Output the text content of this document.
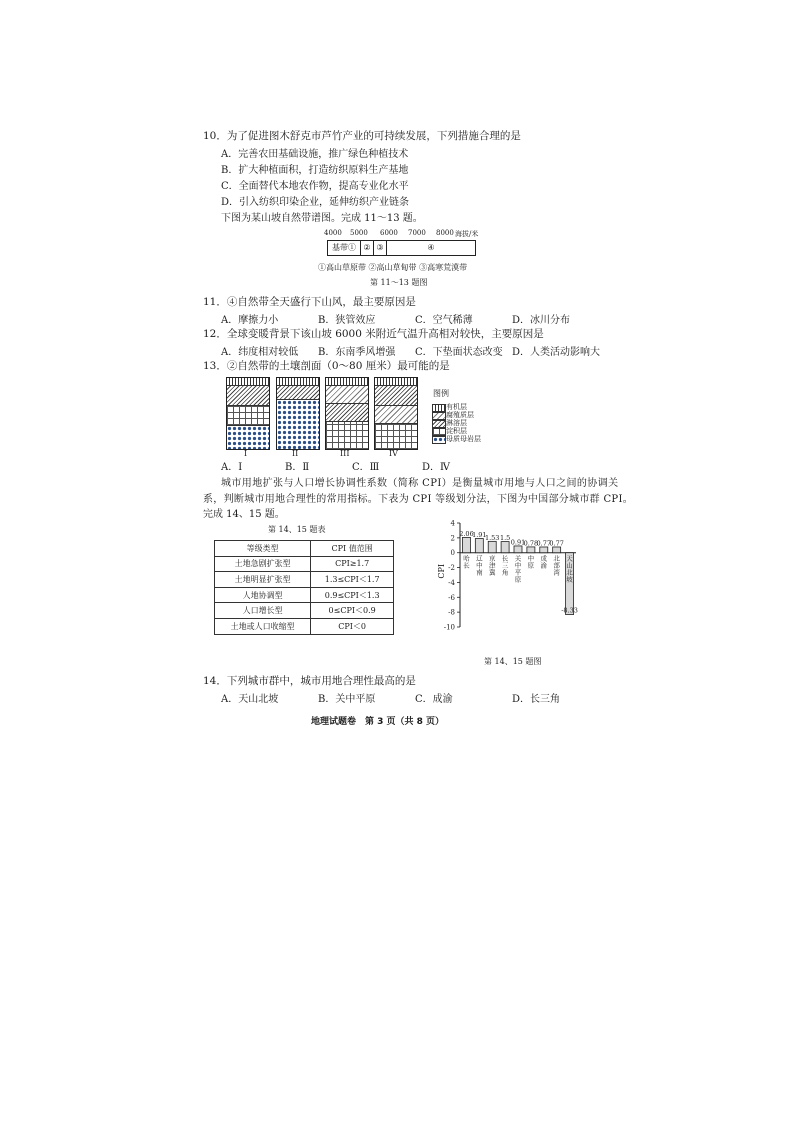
10．为了促进图木舒克市芦竹产业的可持续发展，下列措施合理的是
A．完善农田基础设施，推广绿色种植技术
B．扩大种植面积，打造纺织原料生产基地
C．全面替代本地农作物，提高专业化水平
D．引入纺织印染企业，延伸纺织产业链条
下图为某山坡自然带谱图。完成 11～13 题。
4000 5000 6000 7000 8000 海拔/米
基带① ② ③	④
①高山草原带 ②高山草甸带 ③高寒荒漠带
第 11～13 题图
11．④自然带全天盛行下山风，最主要原因是
A．摩擦力小	B．狭管效应	C．空气稀薄	D．冰川分布
12．全球变暖背景下该山坡 6000 米附近气温升高相对较快，主要原因是
A．纬度相对较低 B．东南季风增强 C．下垫面状态改变 D．人类活动影响大
13．②自然带的土壤剖面（0～80 厘米）最可能的是
I	II	III	IV
图例
有机层
腐殖质层
淋溶层
淀积层
母质母岩层
A．Ⅰ	B．Ⅱ	C．Ⅲ	D．Ⅳ
城市用地扩张与人口增长协调性系数（简称 CPI）是衡量城市用地与人口之间的协调关
系，判断城市用地合理性的常用指标。下表为 CPI 等级划分法，下图为中国部分城市群 CPI。
完成 14、15 题。
第 14、15 题表
等级类型	CPI 值范围
土地急剧扩张型	CPI≥1.7
土地明显扩张型	1.3≤CPI＜1.7
人地协调型	0.9≤CPI＜1.3
人口增长型	0≤CPI＜0.9
土地或人口收缩型	CPI＜0
4
2
0
-2
-4
-6
-8
-10
CPI
2.06
哈长
1.91
辽中南
1.53
京津冀
1.5
长三角
0.91
关中平原
0.78
中原
0.77
成渝
0.77
北部湾
-8.33
天山北坡
第 14、15 题图
14．下列城市群中，城市用地合理性最高的是
A．天山北坡	B．关中平原	C．成渝	D．长三角
地理试题卷　第 3 页（共 8 页）
